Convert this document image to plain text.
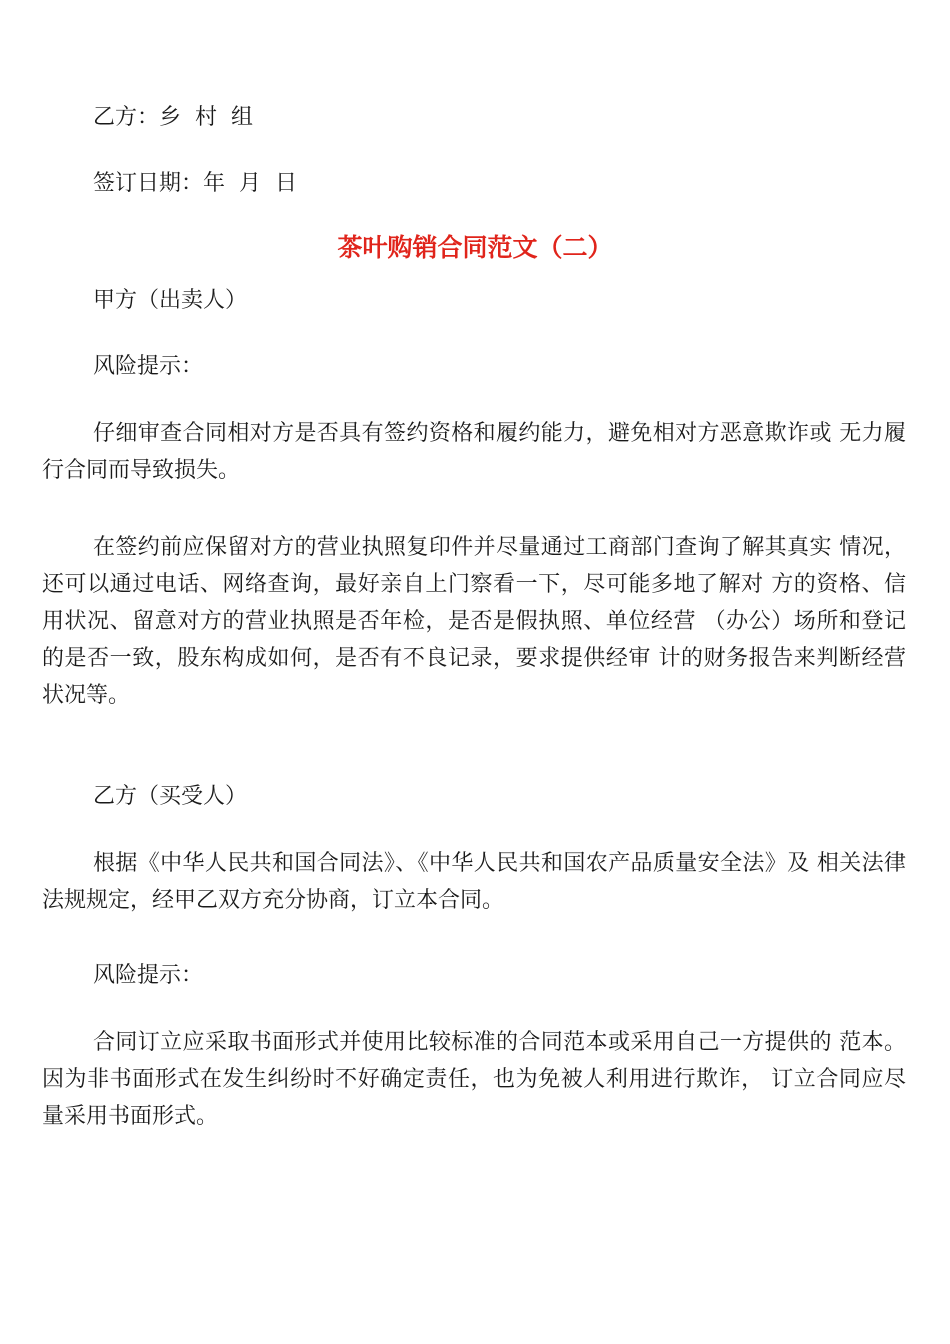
乙方：乡  村  组
签订日期：年  月  日
茶叶购销合同范文（二）
甲方（出卖人）
风险提示：
仔细审查合同相对方是否具有签约资格和履约能力，避免相对方恶意欺诈或 无力履行合同而导致损失。
在签约前应保留对方的营业执照复印件并尽量通过工商部门查询了解其真实 情况，还可以通过电话、网络查询，最好亲自上门察看一下，尽可能多地了解对 方的资格、信用状况、留意对方的营业执照是否年检，是否是假执照、单位经营 （办公）场所和登记的是否一致，股东构成如何，是否有不良记录，要求提供经审 计的财务报告来判断经营状况等。
乙方（买受人）
根据《中华人民共和国合同法》、《中华人民共和国农产品质量安全法》及 相关法律法规规定，经甲乙双方充分协商，订立本合同。
风险提示：
合同订立应采取书面形式并使用比较标准的合同范本或采用自己一方提供的 范本。因为非书面形式在发生纠纷时不好确定责任，也为免被人利用进行欺诈， 订立合同应尽量采用书面形式。
